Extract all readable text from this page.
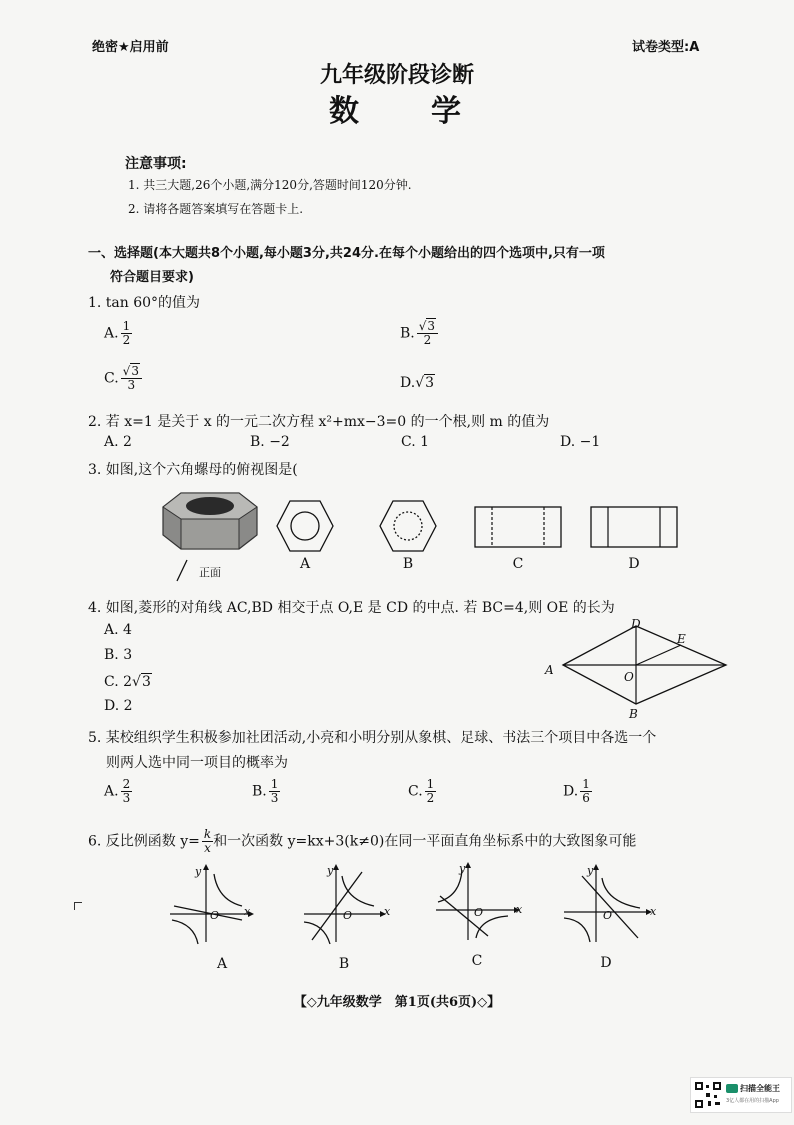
绝密★启用前	试卷类型:A
九年级阶段诊断
数　　学
注意事项:
1. 共三大题,26个小题,满分120分,答题时间120分钟.
2. 请将各题答案填写在答题卡上.
一、选择题(本大题共8个小题,每小题3分,共24分.在每个小题给出的四个选项中,只有一项
符合题目要求)
1. tan 60°的值为
A. $\frac{1}{2}$	B. $\frac{√3}{2}$
C. $\frac{√3}{3}$	D.√3
2. 若 x=1 是关于 x 的一元二次方程 x²+mx−3=0 的一个根,则 m 的值为
A. 2	B. −2	C. 1	D. −1
3. 如图,这个六角螺母的俯视图是(
正面
A	B	C	D
4. 如图,菱形的对角线 AC,BD 相交于点 O,E 是 CD 的中点. 若 BC=4,则 OE 的长为
A. 4
B. 3
C. 2√3
D. 2
A
D
E
O
B
5. 某校组织学生积极参加社团活动,小亮和小明分别从象棋、足球、书法三个项目中各选一个
则两人选中同一项目的概率为
A. $\frac{2}{3}$	B. $\frac{1}{3}$	C. $\frac{1}{2}$	D. $\frac{1}{6}$
6. 反比例函数 $y= \frac{k}{x}$ 和一次函数 y=kx+3(k≠0)在同一平面直角坐标系中的大致图象可能
y
x
O
A
y
x
O
B
y
x
O
C
y
x
O
D
【◇九年级数学　第1页(共6页)◇】
扫描全能王
3亿人都在用的扫描App
